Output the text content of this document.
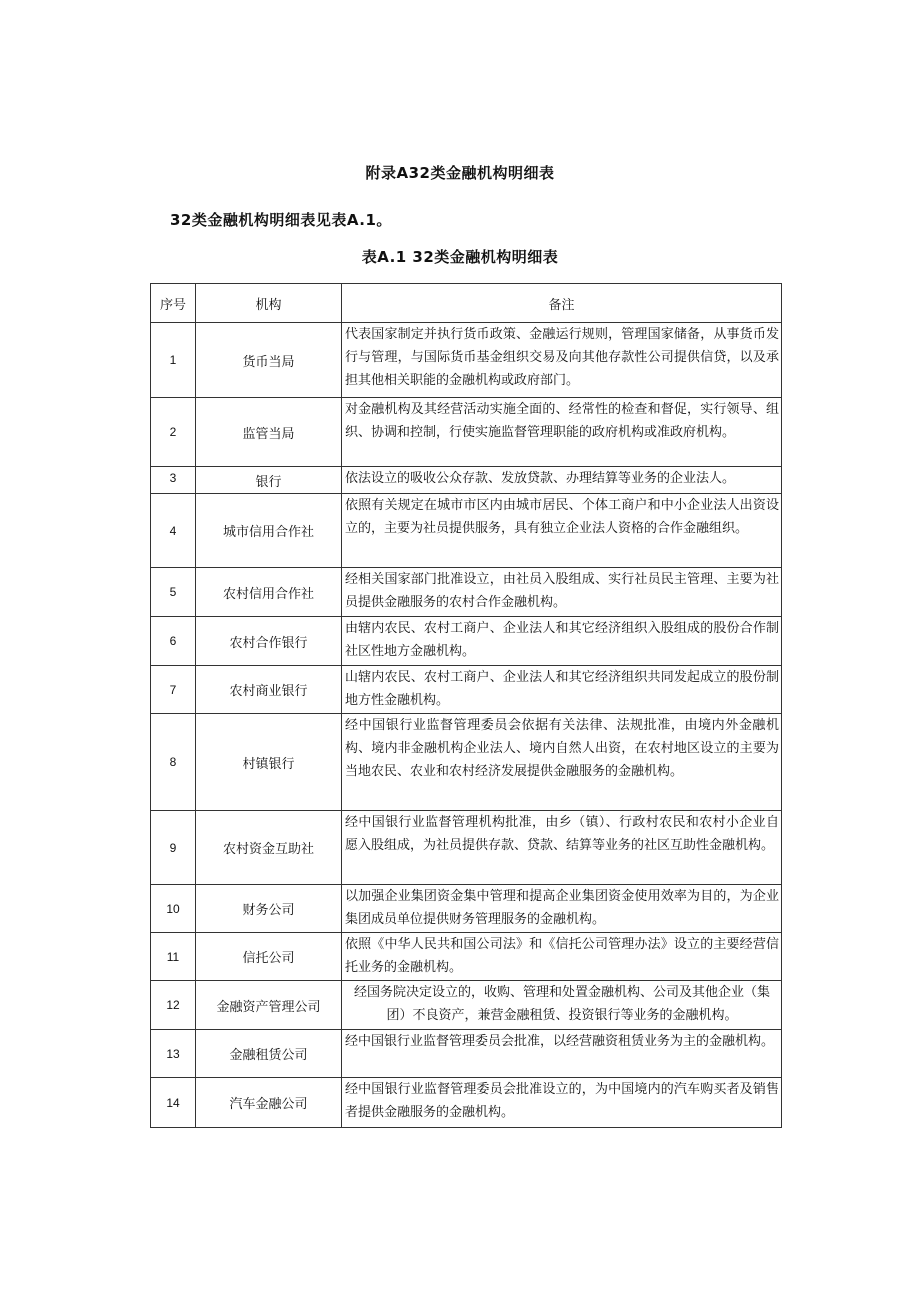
附录A32类金融机构明细表

32类金融机构明细表见表A.1。

表A.1 32类金融机构明细表

序号	机构	备注
1	货币当局	代表国家制定并执行货币政策、金融运行规则，管理国家储备，从事货币发行与管理，与国际货币基金组织交易及向其他存款性公司提供信贷，以及承担其他相关职能的金融机构或政府部门。
2	监管当局	对金融机构及其经营活动实施全面的、经常性的检查和督促，实行领导、组织、协调和控制，行使实施监督管理职能的政府机构或准政府机构。
3	银行	依法设立的吸收公众存款、发放贷款、办理结算等业务的企业法人。
4	城市信用合作社	依照有关规定在城市市区内由城市居民、个体工商户和中小企业法人出资设立的，主要为社员提供服务，具有独立企业法人资格的合作金融组织。
5	农村信用合作社	经相关国家部门批准设立，由社员入股组成、实行社员民主管理、主要为社员提供金融服务的农村合作金融机构。
6	农村合作银行	由辖内农民、农村工商户、企业法人和其它经济组织入股组成的股份合作制社区性地方金融机构。
7	农村商业银行	山辖内农民、农村工商户、企业法人和其它经济组织共同发起成立的股份制地方性金融机构。
8	村镇银行	经中国银行业监督管理委员会依据有关法律、法规批准，由境内外金融机构、境内非金融机构企业法人、境内自然人出资，在农村地区设立的主要为当地农民、农业和农村经济发展提供金融服务的金融机构。
9	农村资金互助社	经中国银行业监督管理机构批准，由乡（镇）、行政村农民和农村小企业自愿入股组成，为社员提供存款、贷款、结算等业务的社区互助性金融机构。
10	财务公司	以加强企业集团资金集中管理和提高企业集团资金使用效率为目的，为企业集团成员单位提供财务管理服务的金融机构。
11	信托公司	依照《中华人民共和国公司法》和《信托公司管理办法》设立的主要经营信托业务的金融机构。
12	金融资产管理公司	经国务院决定设立的，收购、管理和处置金融机构、公司及其他企业（集团）不良资产，兼营金融租赁、投资银行等业务的金融机构。
13	金融租赁公司	经中国银行业监督管理委员会批准，以经营融资租赁业务为主的金融机构。
14	汽车金融公司	经中国银行业监督管理委员会批准设立的，为中国境内的汽车购买者及销售者提供金融服务的金融机构。
